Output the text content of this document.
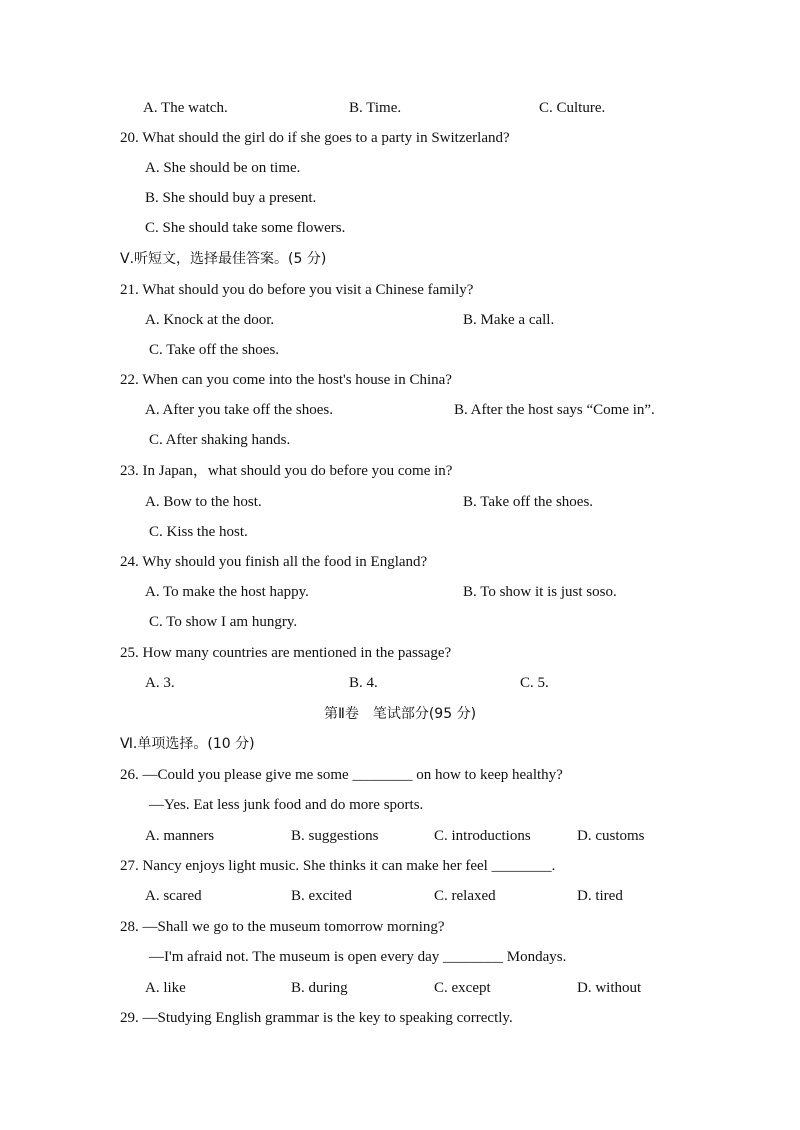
A. The watch.	B. Time.	C. Culture.
20. What should the girl do if she goes to a party in Switzerland?
A. She should be on time.
B. She should buy a present.
C. She should take some flowers.
Ⅴ.听短文，选择最佳答案。(5 分)
21. What should you do before you visit a Chinese family?
A. Knock at the door.	B. Make a call.
C. Take off the shoes.
22. When can you come into the host's house in China?
A. After you take off the shoes.	B. After the host says “Come in”.
C. After shaking hands.
23. In Japan，what should you do before you come in?
A. Bow to the host.	B. Take off the shoes.
C. Kiss the host.
24. Why should you finish all the food in England?
A. To make the host happy.	B. To show it is just soso.
C. To show I am hungry.
25. How many countries are mentioned in the passage?
A. 3.	B. 4.	C. 5.
第Ⅱ卷　笔试部分(95 分)
Ⅵ.单项选择。(10 分)
26. —Could you please give me some ________ on how to keep healthy?
—Yes. Eat less junk food and do more sports.
A. manners	B. suggestions	C. introductions	D. customs
27. Nancy enjoys light music. She thinks it can make her feel ________.
A. scared	B. excited	C. relaxed	D. tired
28. —Shall we go to the museum tomorrow morning?
—I'm afraid not. The museum is open every day ________ Mondays.
A. like	B. during	C. except	D. without
29. —Studying English grammar is the key to speaking correctly.
